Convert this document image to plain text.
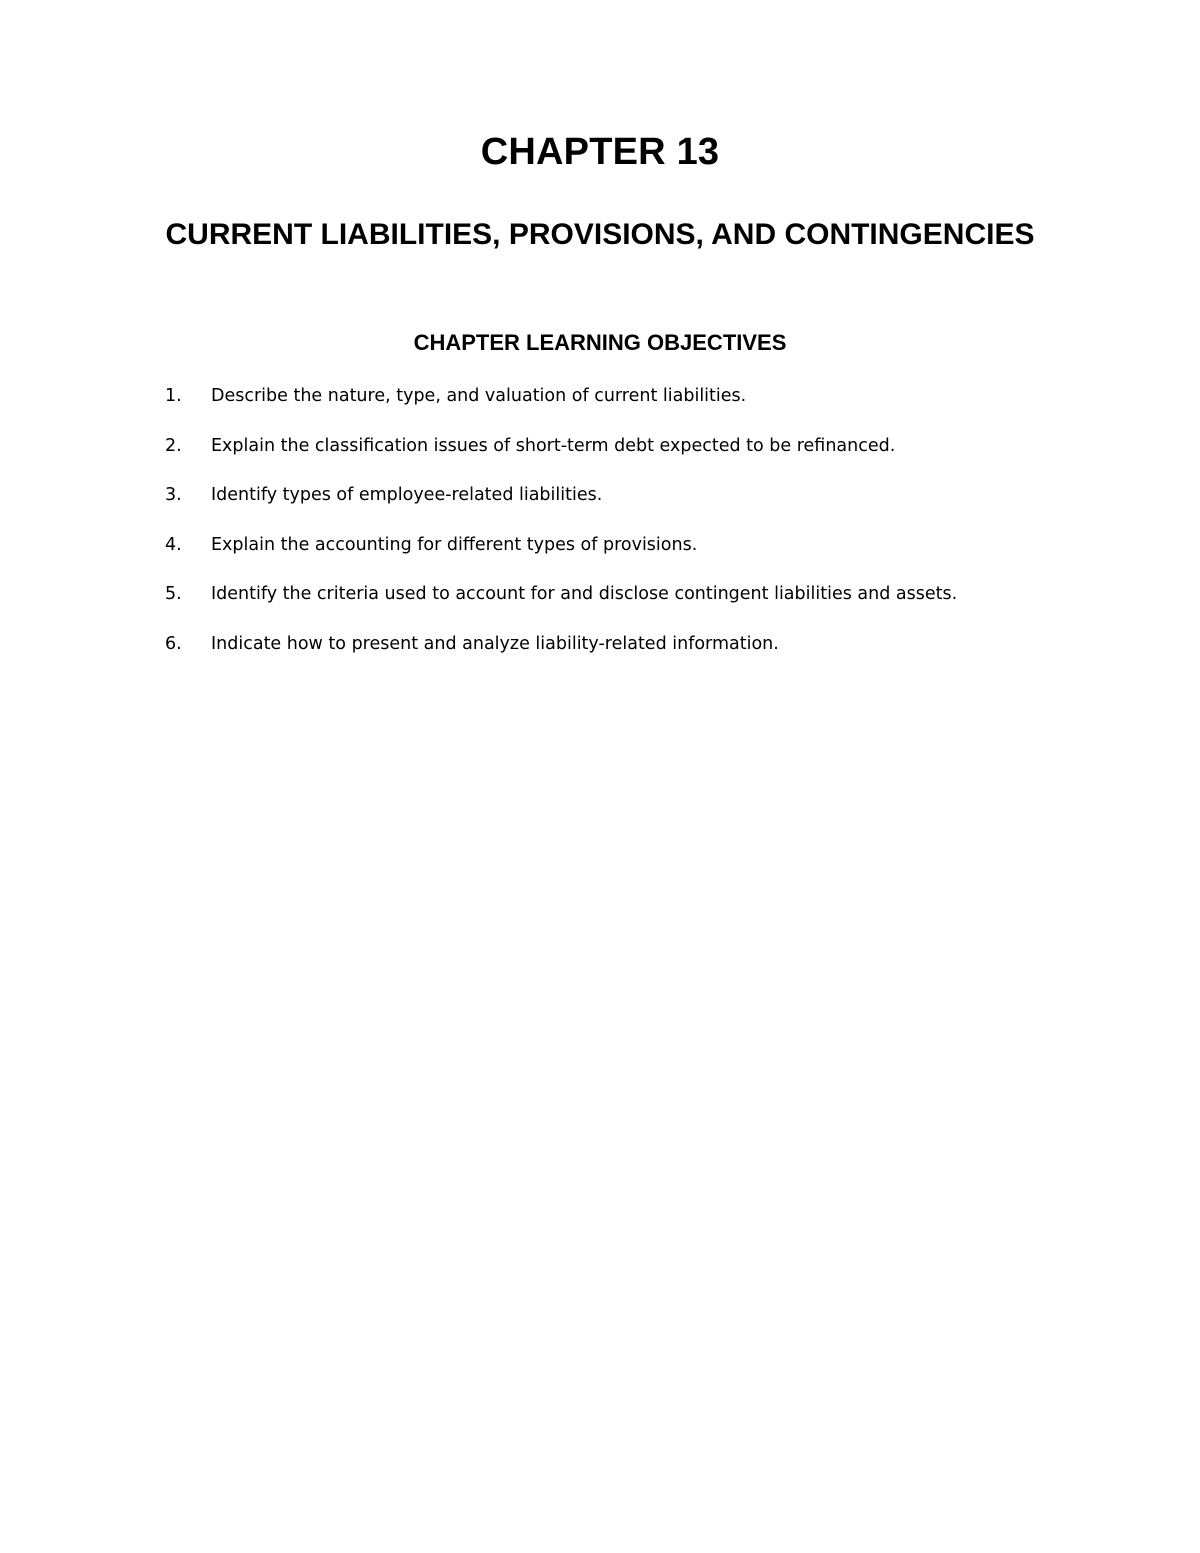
CHAPTER 13
CURRENT LIABILITIES, PROVISIONS, AND CONTINGENCIES
CHAPTER LEARNING OBJECTIVES
1. Describe the nature, type, and valuation of current liabilities.
2. Explain the classification issues of short-term debt expected to be refinanced.
3. Identify types of employee-related liabilities.
4. Explain the accounting for different types of provisions.
5. Identify the criteria used to account for and disclose contingent liabilities and assets.
6. Indicate how to present and analyze liability-related information.
